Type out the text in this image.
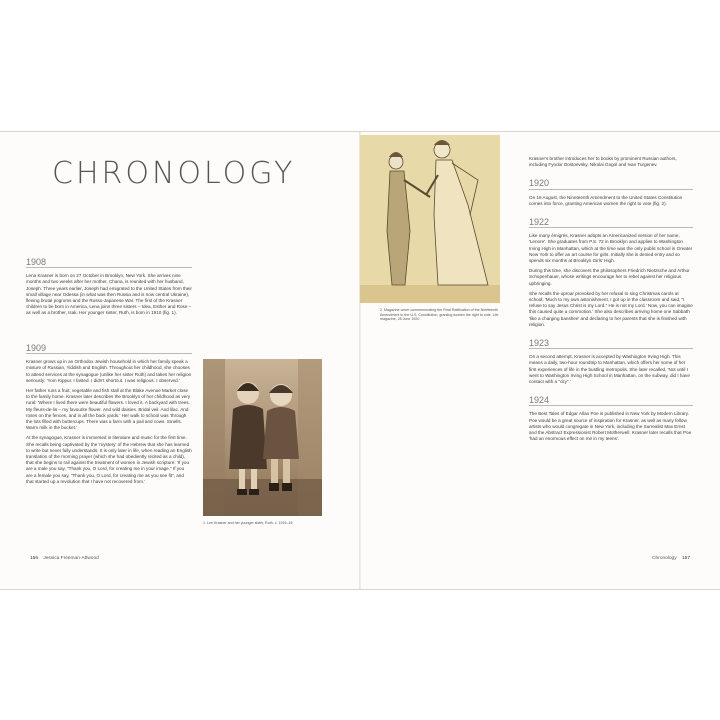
CHRONOLOGY
1908

Lena Krasner is born on 27 October in Brooklyn, New York. She arrives nine months and two weeks after her mother, Chana, is reunited with her husband, Joseph. Three years earlier, Joseph had emigrated to the United States from their small village near Odessa (in what was then Russia and is now central Ukraine), fleeing brutal pogroms and the Russo-Japanese War. The first of the Krasner children to be born in America, Lena joins three sisters – Idea, Esther and Rose – as well as a brother, Isak. Her younger sister, Ruth, is born in 1910 (fig. 1).

1909

Krasner grows up in an Orthodox Jewish household in which her family speak a mixture of Russian, Yiddish and English. Throughout her childhood, she chooses to attend services at the synagogue (unlike her sister Ruth) and takes her religion seriously: 'Yom Kippur. I fasted. I didn't shortcut. I was religious. I observed.'

Her father runs a fruit, vegetable and fish stall at the Blake Avenue Market close to the family home. Krasner later describes the Brooklyn of her childhood as very rural: 'Where I lived there were beautiful flowers. I loved it. A backyard with trees. My fleurs-de-lis – my favourite flower. And wild daisies. Bridal veil. And lilac. And roses on the fences, and in all the back yards.' Her walk to school was 'through the lots filled with buttercups. There was a farm with a pail and cows. Smells. Warm milk in the bucket.'

At the synagogue, Krasner is immersed in literature and music for the first time. She recalls being captivated by the 'mystery' of the Hebrew that she has learned to write but never fully understands. It is only later in life, when reading an English translation of the morning prayer (which she had obediently recited as a child), that she begins to rail against the treatment of women in Jewish scripture: 'If you are a male you say, "Thank you, O Lord, for creating me in your image." If you are a female you say, "Thank you, O Lord, for creating me as you see fit", and that started up a revolution that I have not recovered from.'

1. Lee Krasner and her younger sister, Ruth, c. 1915–16
156 Jessica Freeman-Attwood
2. Magazine cover commemorating the Final Ratification of the Nineteenth Amendment to the U.S. Constitution, granting women the right to vote, Life magazine, 28 June 1920

Krasner's brother introduces her to books by prominent Russian authors, including Fyodor Dostoevsky, Nikolai Gogol and Ivan Turgenev.

1920

On 18 August, the Nineteenth Amendment to the United States Constitution comes into force, granting American women the right to vote (fig. 2).

1922

Like many émigrés, Krasner adopts an Americanized version of her name, 'Lenore'. She graduates from P.S. 72 in Brooklyn and applies to Washington Irving High in Manhattan, which at the time was the only public school in Greater New York to offer an art course for girls. Initially she is denied entry and so spends six months at Brooklyn Girls' High.

During this time, she discovers the philosophers Friedrich Nietzsche and Arthur Schopenhauer, whose writings encourage her to rebel against her religious upbringing.

She recalls the uproar provoked by her refusal to sing Christmas carols at school: 'Much to my own astonishment, I got up in the classroom and said, "I refuse to say Jesus Christ is my Lord." He is not my Lord.' Now, you can imagine this caused quite a commotion.' She also describes arriving home one Sabbath 'like a charging banshee' and declaring to her parents that she is finished with religion.

1923

On a second attempt, Krasner is accepted by Washington Irving High. This means a daily, two-hour roundtrip to Manhattan, which offers her some of her first experiences of life in the bustling metropolis. She later recalled, 'Not until I went to Washington Irving High School in Manhattan, on the subway, did I have contact with a "city".'

1924

The Best Tales of Edgar Allan Poe is published in New York by Modern Library. Poe would be a great source of inspiration for Krasner, as well as many fellow artists who would congregate in New York, including the Surrealist Max Ernst and the Abstract Expressionist Robert Motherwell. Krasner later recalls that Poe 'had an enormous effect on me in my teens'.

Chronology 157
